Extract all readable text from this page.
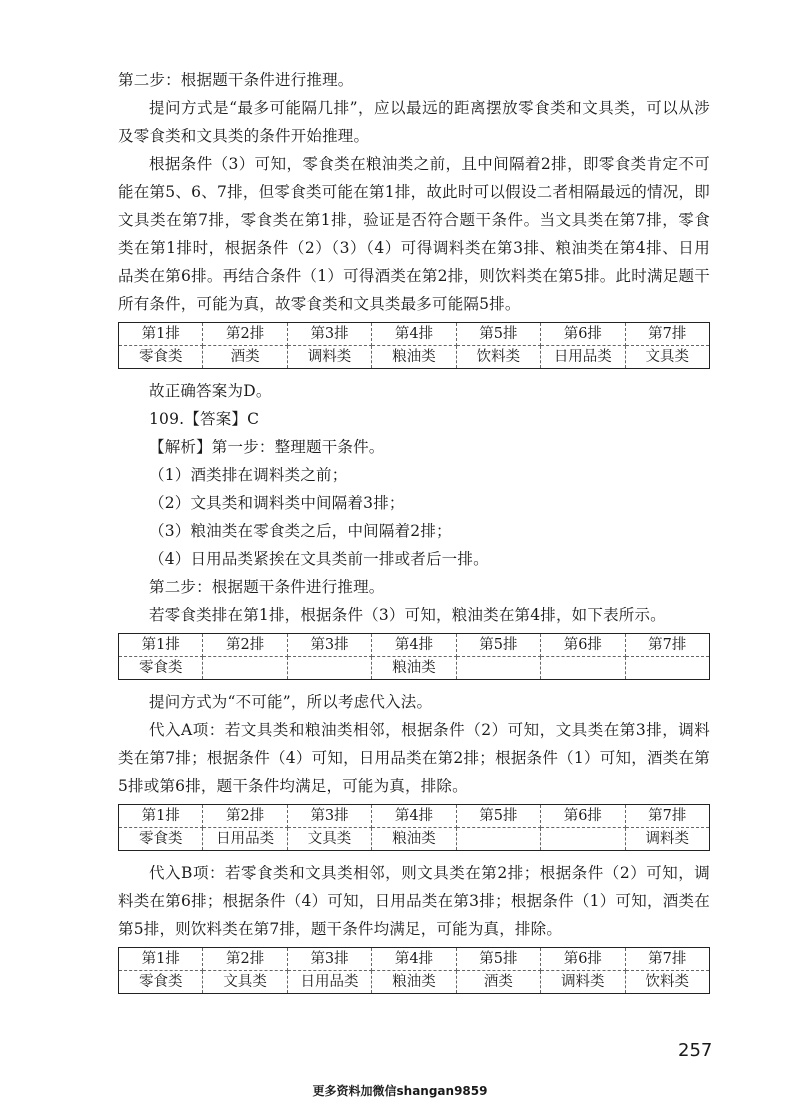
第二步：根据题干条件进行推理。

提问方式是“最多可能隔几排”，应以最远的距离摆放零食类和文具类，可以从涉及零食类和文具类的条件开始推理。

根据条件（3）可知，零食类在粮油类之前，且中间隔着2排，即零食类肯定不可能在第5、6、7排，但零食类可能在第1排，故此时可以假设二者相隔最远的情况，即文具类在第7排，零食类在第1排，验证是否符合题干条件。当文具类在第7排，零食类在第1排时，根据条件（2）（3）（4）可得调料类在第3排、粮油类在第4排、日用品类在第6排。再结合条件（1）可得酒类在第2排，则饮料类在第5排。此时满足题干所有条件，可能为真，故零食类和文具类最多可能隔5排。

第1排	第2排	第3排	第4排	第5排	第6排	第7排
零食类	酒类	调料类	粮油类	饮料类	日用品类	文具类

故正确答案为D。

109.【答案】C

【解析】第一步：整理题干条件。

（1）酒类排在调料类之前；

（2）文具类和调料类中间隔着3排；

（3）粮油类在零食类之后，中间隔着2排；

（4）日用品类紧挨在文具类前一排或者后一排。

第二步：根据题干条件进行推理。

若零食类排在第1排，根据条件（3）可知，粮油类在第4排，如下表所示。

第1排	第2排	第3排	第4排	第5排	第6排	第7排
零食类			粮油类			

提问方式为“不可能”，所以考虑代入法。

代入A项：若文具类和粮油类相邻，根据条件（2）可知，文具类在第3排，调料类在第7排；根据条件（4）可知，日用品类在第2排；根据条件（1）可知，酒类在第5排或第6排，题干条件均满足，可能为真，排除。

第1排	第2排	第3排	第4排	第5排	第6排	第7排
零食类	日用品类	文具类	粮油类			调料类

代入B项：若零食类和文具类相邻，则文具类在第2排；根据条件（2）可知，调料类在第6排；根据条件（4）可知，日用品类在第3排；根据条件（1）可知，酒类在第5排，则饮料类在第7排，题干条件均满足，可能为真，排除。

第1排	第2排	第3排	第4排	第5排	第6排	第7排
零食类	文具类	日用品类	粮油类	酒类	调料类	饮料类
257
更多资料加微信shangan9859
